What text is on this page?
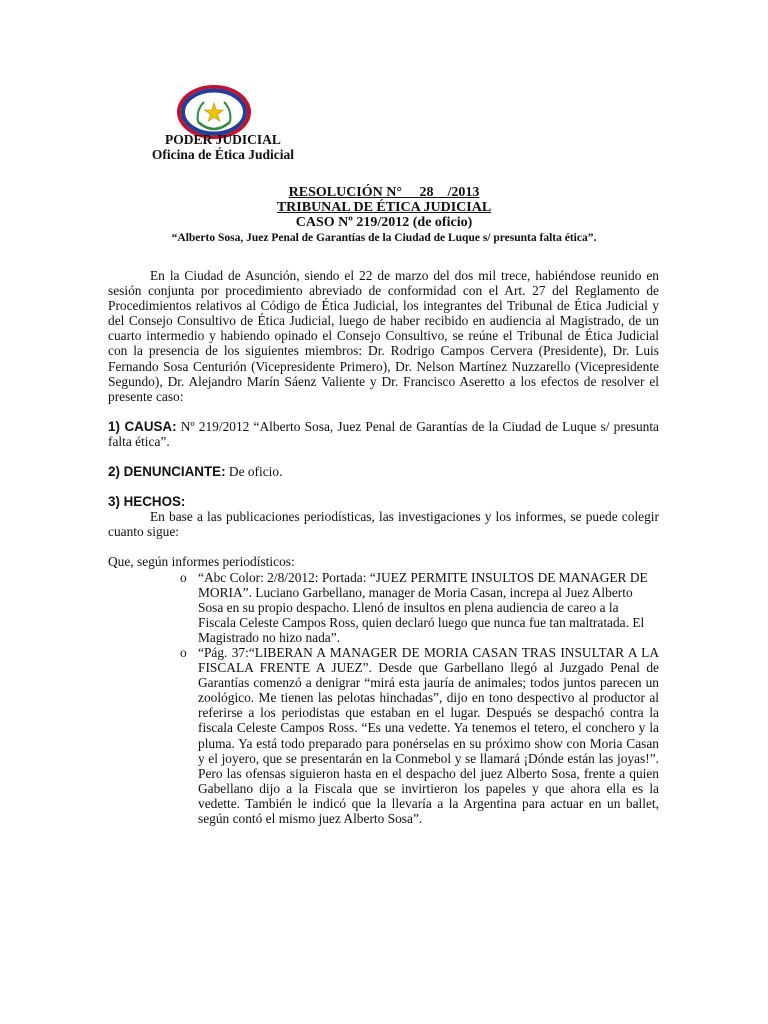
PODER JUDICIAL
Oficina de Ética Judicial
RESOLUCIÓN N°     28    /2013
TRIBUNAL DE ÉTICA JUDICIAL
CASO Nº 219/2012 (de oficio)
“Alberto Sosa, Juez Penal de Garantías de la Ciudad de Luque s/ presunta falta ética”.

En la Ciudad de Asunción, siendo el 22 de marzo del dos mil trece, habiéndose reunido en sesión conjunta por procedimiento abreviado de conformidad con el Art. 27 del Reglamento de Procedimientos relativos al Código de Ética Judicial, los integrantes del Tribunal de Ética Judicial y del Consejo Consultivo de Ética Judicial, luego de haber recibido en audiencia al Magistrado, de un cuarto intermedio y habiendo opinado el Consejo Consultivo, se reúne el Tribunal de Ética Judicial con la presencia de los siguientes miembros: Dr. Rodrigo Campos Cervera (Presidente), Dr. Luis Fernando Sosa Centurión (Vicepresidente Primero), Dr. Nelson Martínez Nuzzarello (Vicepresidente Segundo), Dr. Alejandro Marín Sáenz Valiente y Dr. Francisco Aseretto a los efectos de resolver el presente caso:

1) CAUSA: Nº 219/2012 “Alberto Sosa, Juez Penal de Garantías de la Ciudad de Luque s/ presunta falta ética”.

2) DENUNCIANTE: De oficio.

3) HECHOS:

En base a las publicaciones periodísticas, las investigaciones y los informes, se puede colegir cuanto sigue:

Que, según informes periodísticos:

o “Abc Color: 2/8/2012: Portada: “JUEZ PERMITE INSULTOS DE MANAGER DE MORIA”. Luciano Garbellano, manager de Moria Casan, increpa al Juez Alberto Sosa en su propio despacho. Llenó de insultos en plena audiencia de careo a la Fiscala Celeste Campos Ross, quien declaró luego que nunca fue tan maltratada. El Magistrado no hizo nada”.
o “Pág. 37:“LIBERAN A MANAGER DE MORIA CASAN TRAS INSULTAR A LA FISCALA FRENTE A JUEZ”. Desde que Garbellano llegó al Juzgado Penal de Garantías comenzó a denigrar “mirá esta jauría de animales; todos juntos parecen un zoológico. Me tienen las pelotas hinchadas”, dijo en tono despectivo al productor al referirse a los periodistas que estaban en el lugar. Después se despachó contra la fiscala Celeste Campos Ross. “Es una vedette. Ya tenemos el tetero, el conchero y la pluma. Ya está todo preparado para ponérselas en su próximo show con Moria Casan y el joyero, que se presentarán en la Conmebol y se llamará ¡Dónde están las joyas!”. Pero las ofensas siguieron hasta en el despacho del juez Alberto Sosa, frente a quien Gabellano dijo a la Fiscala que se invirtieron los papeles y que ahora ella es la vedette. También le indicó que la llevaría a la Argentina para actuar en un ballet, según contó el mismo juez Alberto Sosa”.
